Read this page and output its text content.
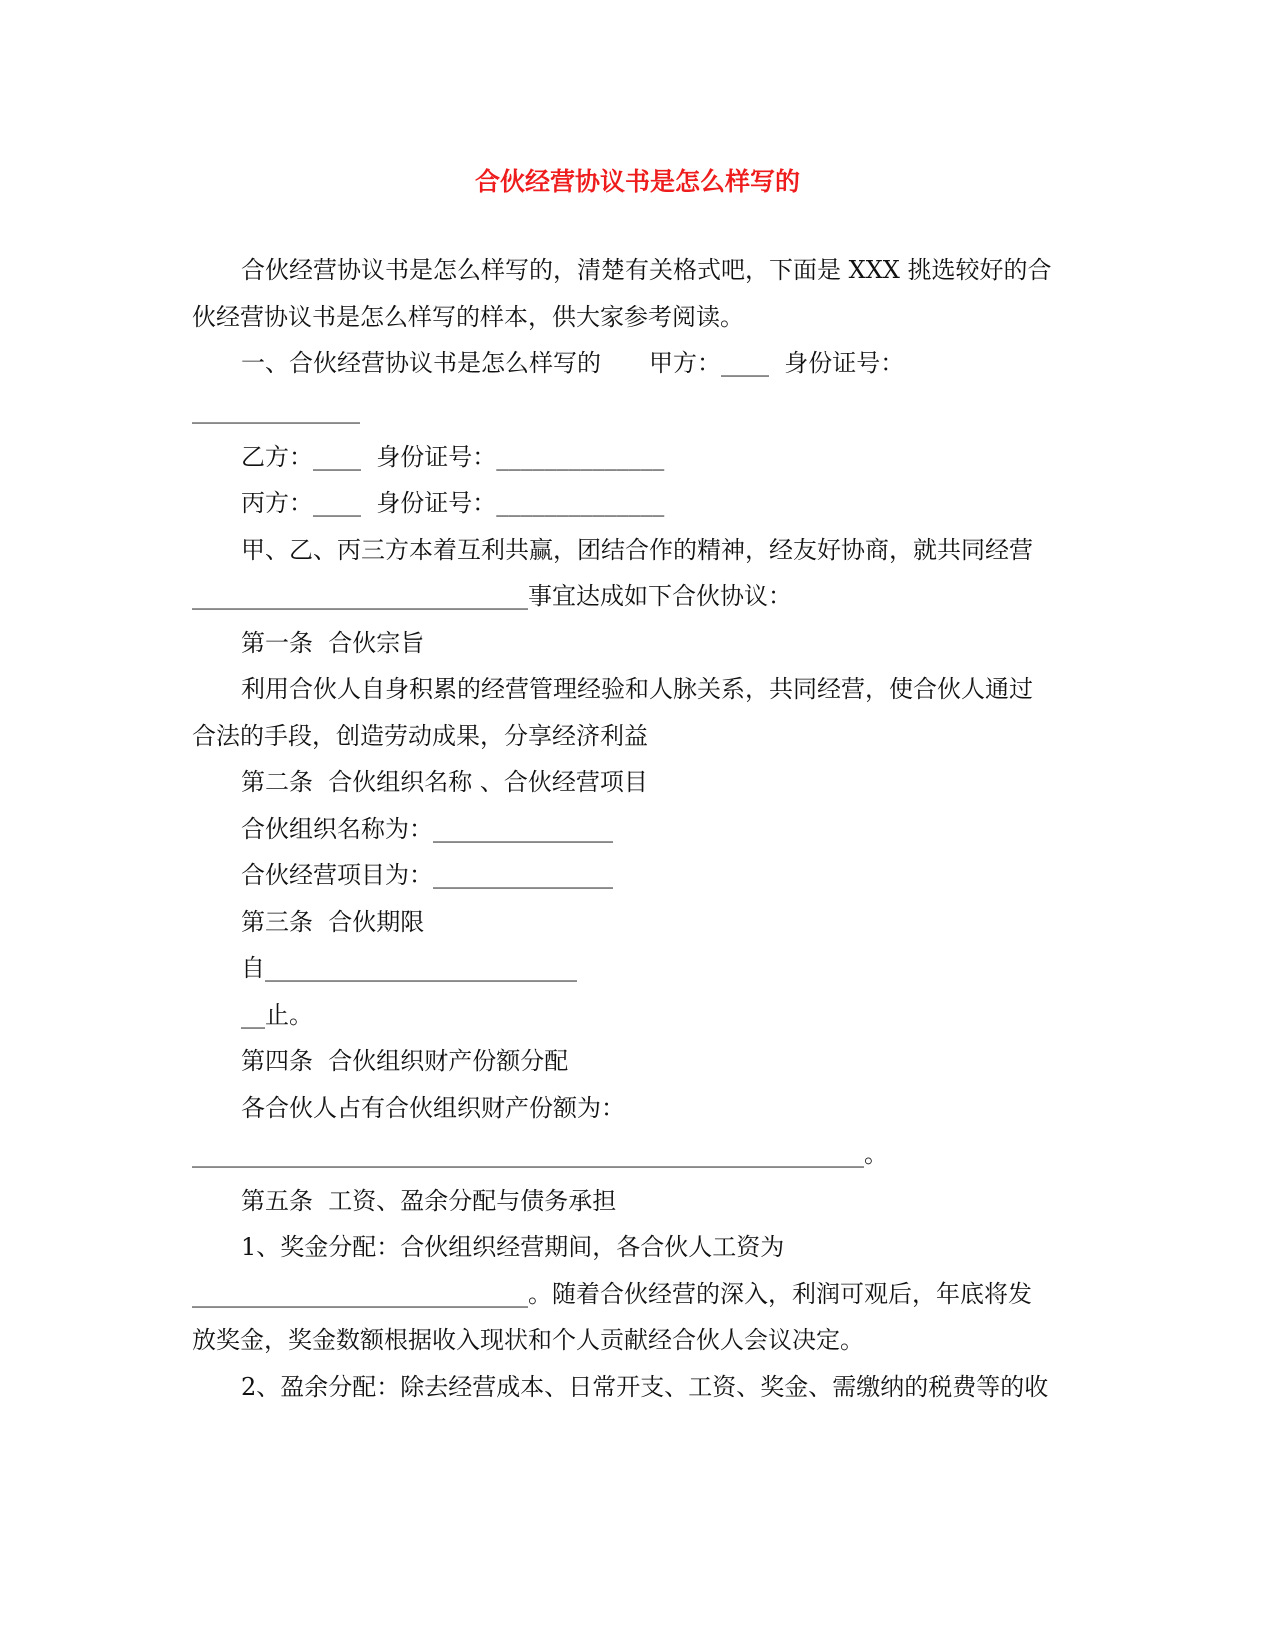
合伙经营协议书是怎么样写的
合伙经营协议书是怎么样写的，清楚有关格式吧，下面是 XXX 挑选较好的合
伙经营协议书是怎么样写的样本，供大家参考阅读。
一、合伙经营协议书是怎么样写的　　甲方：____  身份证号：
______________
乙方：____  身份证号：______________
丙方：____  身份证号：______________
甲、乙、丙三方本着互利共赢，团结合作的精神，经友好协商，就共同经营
____________________________事宜达成如下合伙协议：
第一条  合伙宗旨
利用合伙人自身积累的经营管理经验和人脉关系，共同经营，使合伙人通过
合法的手段，创造劳动成果，分享经济利益
第二条  合伙组织名称 、合伙经营项目
合伙组织名称为：_______________
合伙经营项目为：_______________
第三条  合伙期限
自__________________________
__止。
第四条  合伙组织财产份额分配
各合伙人占有合伙组织财产份额为：
________________________________________________________。
第五条  工资、盈余分配与债务承担
1、奖金分配：合伙组织经营期间，各合伙人工资为
____________________________。随着合伙经营的深入，利润可观后，年底将发
放奖金，奖金数额根据收入现状和个人贡献经合伙人会议决定。
2、盈余分配：除去经营成本、日常开支、工资、奖金、需缴纳的税费等的收
